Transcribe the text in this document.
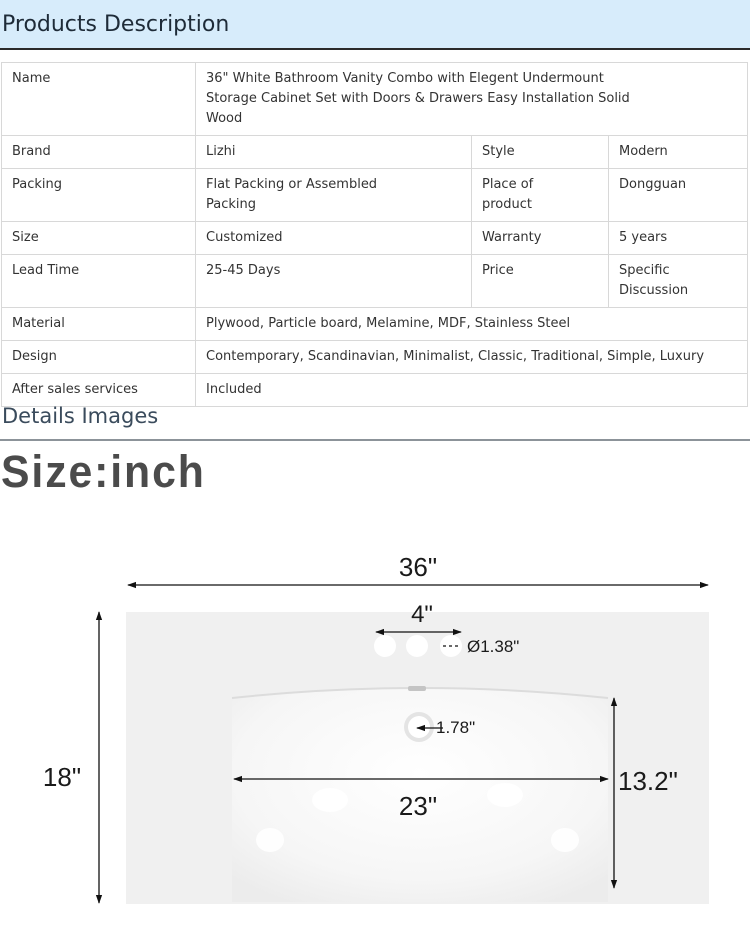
Products Description
Name	36" White Bathroom Vanity Combo with Elegent Undermount Storage Cabinet Set with Doors & Drawers Easy Installation Solid Wood		
Brand	Lizhi	Style	Modern
Packing	Flat Packing or Assembled Packing	Place of product	Dongguan
Size	Customized	Warranty	5 years
Lead Time	25-45 Days	Price	Specific Discussion
Material	Plywood, Particle board, Melamine, MDF, Stainless Steel		
Design	Contemporary, Scandinavian, Minimalist, Classic, Traditional, Simple, Luxury		
After sales services	Included		
Details Images
Size:inch
36"
18"
4"
Ø1.38"
1.78"
23"
13.2"
